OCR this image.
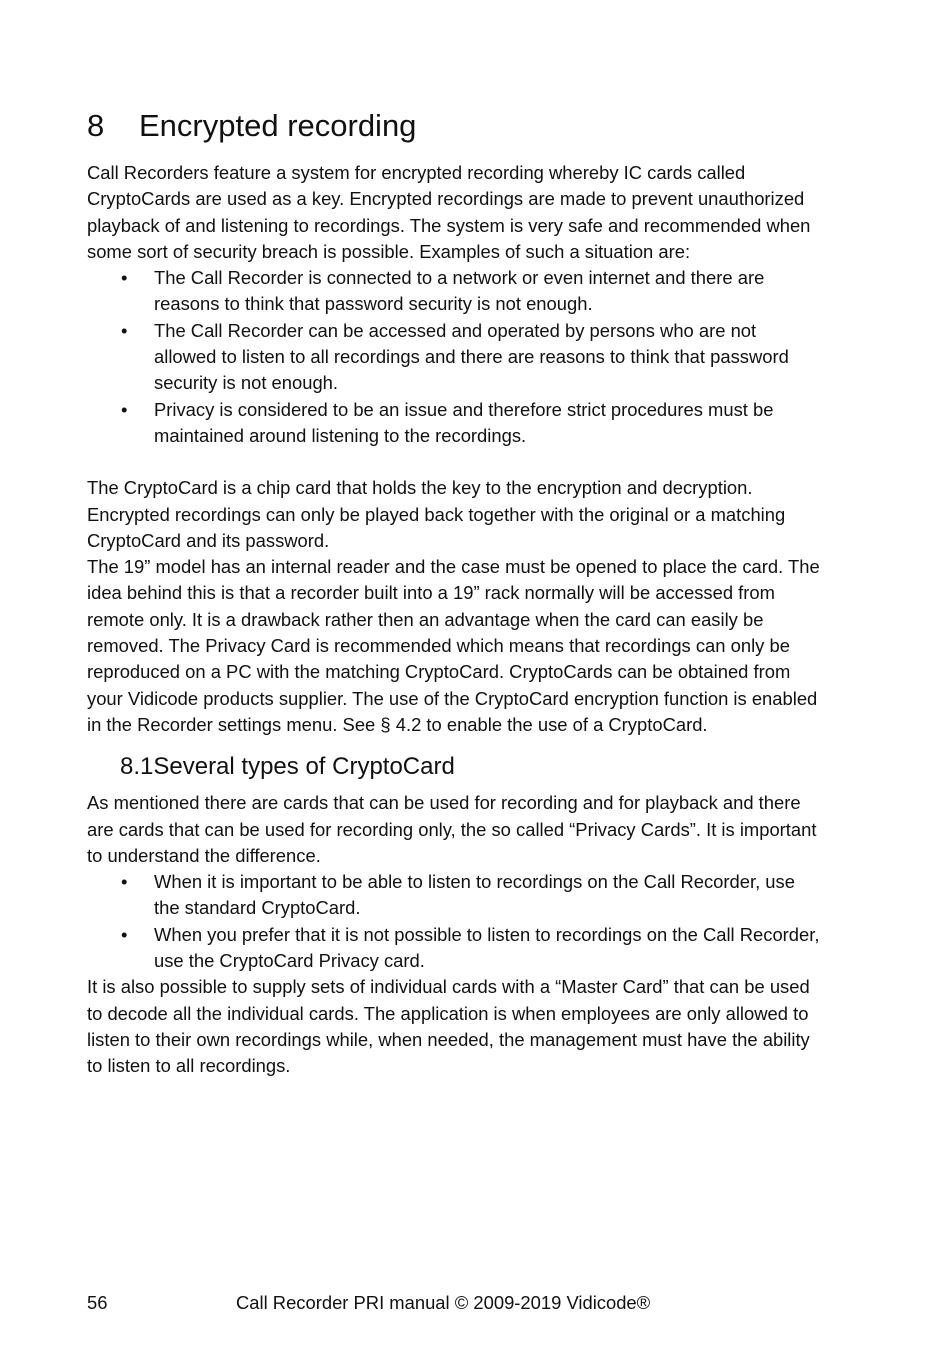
8	Encrypted recording

Call Recorders feature a system for encrypted recording whereby IC cards called CryptoCards are used as a key. Encrypted recordings are made to prevent unauthorized playback of and listening to recordings. The system is very safe and recommended when some sort of security breach is possible. Examples of such a situation are:

• The Call Recorder is connected to a network or even internet and there are reasons to think that password security is not enough.
• The Call Recorder can be accessed and operated by persons who are not allowed to listen to all recordings and there are reasons to think that password security is not enough.
• Privacy is considered to be an issue and therefore strict procedures must be maintained around listening to the recordings.

The CryptoCard is a chip card that holds the key to the encryption and decryption. Encrypted recordings can only be played back together with the original or a matching CryptoCard and its password.

The 19” model has an internal reader and the case must be opened to place the card. The idea behind this is that a recorder built into a 19” rack normally will be accessed from remote only. It is a drawback rather then an advantage when the card can easily be removed. The Privacy Card is recommended which means that recordings can only be reproduced on a PC with the matching CryptoCard. CryptoCards can be obtained from your Vidicode products supplier. The use of the CryptoCard encryption function is enabled in the Recorder settings menu. See § 4.2 to enable the use of a CryptoCard.

8.1Several types of CryptoCard

As mentioned there are cards that can be used for recording and for playback and there are cards that can be used for recording only, the so called “Privacy Cards”. It is important to understand the difference.

• When it is important to be able to listen to recordings on the Call Recorder, use the standard CryptoCard.
• When you prefer that it is not possible to listen to recordings on the Call Recorder, use the CryptoCard Privacy card.

It is also possible to supply sets of individual cards with a “Master Card” that can be used to decode all the individual cards. The application is when employees are only allowed to listen to their own recordings while, when needed, the management must have the ability to listen to all recordings.

56	Call Recorder PRI manual © 2009-2019 Vidicode®
